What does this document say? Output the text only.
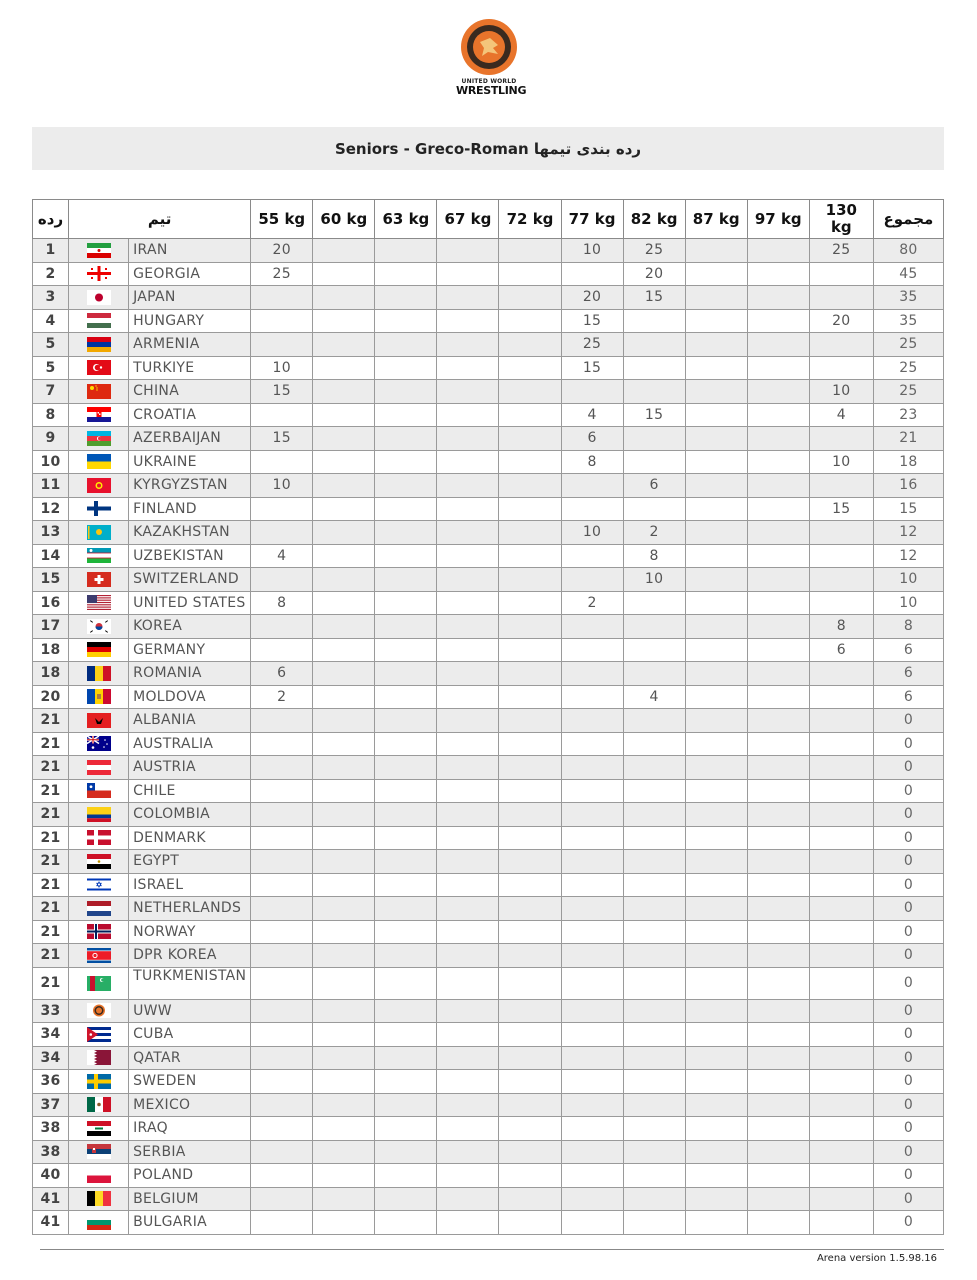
UNITED WORLD
WRESTLING
Seniors - Greco-Roman رده بندی تیمها
رده	تیم		55 kg	60 kg	63 kg	67 kg	72 kg	77 kg	82 kg	87 kg	97 kg	130 kg	مجموع
1		IRAN	20					10	25			25	80
2		GEORGIA	25						20				45
3		JAPAN						20	15				35
4		HUNGARY						15				20	35
5		ARMENIA						25					25
5		TURKIYE	10					15					25
7		CHINA	15									10	25
8		CROATIA						4	15			4	23
9		AZERBAIJAN	15					6					21
10		UKRAINE						8				10	18
11		KYRGYZSTAN	10						6				16
12		FINLAND										15	15
13		KAZAKHSTAN						10	2				12
14		UZBEKISTAN	4						8				12
15		SWITZERLAND							10				10
16		UNITED STATES	8					2					10
17		KOREA										8	8
18		GERMANY										6	6
18		ROMANIA	6										6
20		MOLDOVA	2						4				6
21		ALBANIA											0
21		AUSTRALIA											0
21		AUSTRIA											0
21		CHILE											0
21		COLOMBIA											0
21		DENMARK											0
21		EGYPT											0
21		ISRAEL											0
21		NETHERLANDS											0
21		NORWAY											0
21		DPR KOREA											0
21		TURKMENISTAN											0
33		UWW											0
34		CUBA											0
34		QATAR											0
36		SWEDEN											0
37		MEXICO											0
38		IRAQ											0
38		SERBIA											0
40		POLAND											0
41		BELGIUM											0
41		BULGARIA											0
Arena version 1.5.98.16
